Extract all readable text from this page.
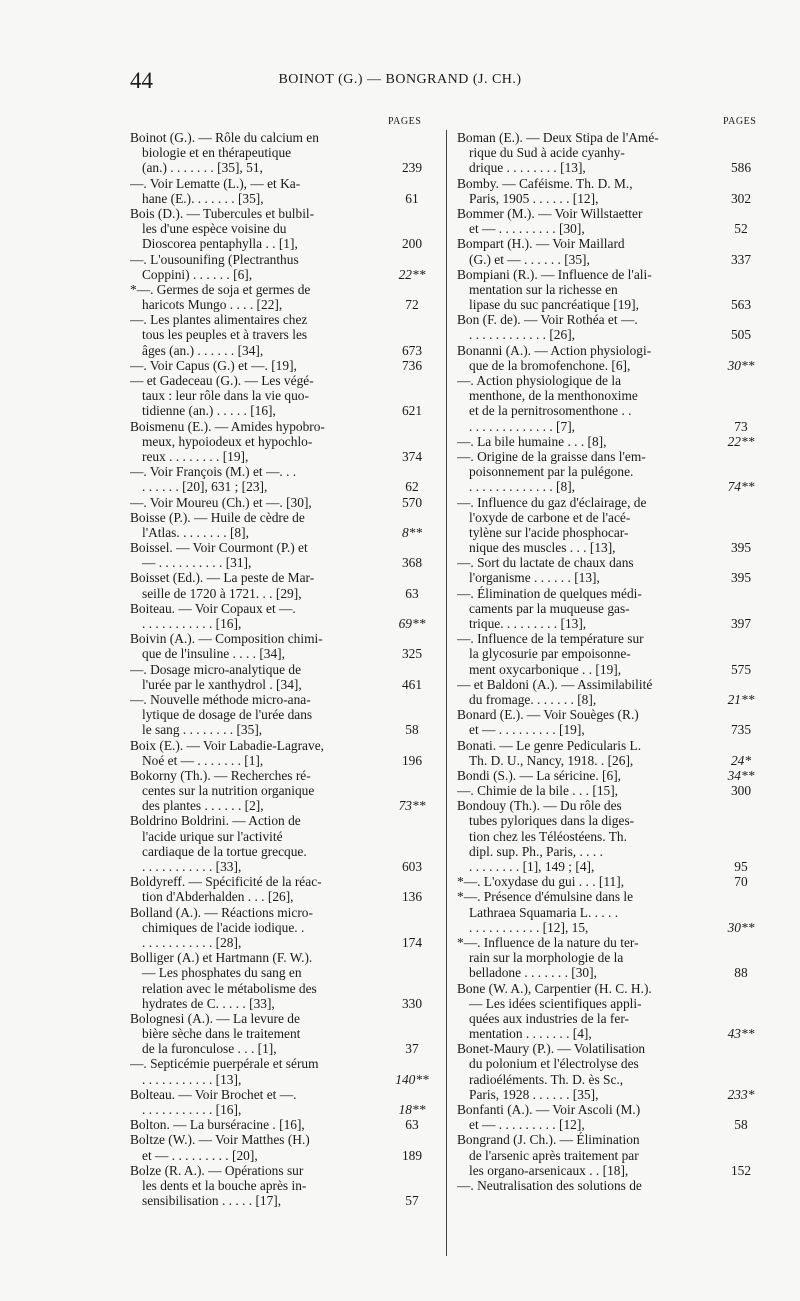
44	BOINOT (G.) — BONGRAND (J. CH.)
PAGES	PAGES
Boinot (G.). — Rôle du calcium en
biologie et en thérapeutique
(an.) . . . . . . . [35], 51,	239
—. Voir Lematte (L.), — et Ka-
hane (E.). . . . . . . [35],	61
Bois (D.). — Tubercules et bulbil-
les d'une espèce voisine du
Dioscorea pentaphylla . . [1],	200
—. L'ousounifing (Plectranthus
Coppini) . . . . . . [6],	22**
*—. Germes de soja et germes de
haricots Mungo . . . . [22],	72
—. Les plantes alimentaires chez
tous les peuples et à travers les
âges (an.) . . . . . . [34],	673
—. Voir Capus (G.) et —. [19],	736
— et Gadeceau (G.). — Les végé-
taux : leur rôle dans la vie quo-
tidienne (an.) . . . . . [16],	621
Boismenu (E.). — Amides hypobro-
meux, hypoiodeux et hypochlo-
reux . . . . . . . . [19],	374
—. Voir François (M.) et —. . .
. . . . . . [20], 631 ; [23],	62
—. Voir Moureu (Ch.) et —. [30],	570
Boisse (P.). — Huile de cèdre de
l'Atlas. . . . . . . . [8],	8**
Boissel. — Voir Courmont (P.) et
— . . . . . . . . . . [31],	368
Boisset (Ed.). — La peste de Mar-
seille de 1720 à 1721. . . [29],	63
Boiteau. — Voir Copaux et —.
. . . . . . . . . . . [16],	69**
Boivin (A.). — Composition chimi-
que de l'insuline . . . . [34],	325
—. Dosage micro-analytique de
l'urée par le xanthydrol . [34],	461
—. Nouvelle méthode micro-ana-
lytique de dosage de l'urée dans
le sang . . . . . . . . [35],	58
Boix (E.). — Voir Labadie-Lagrave,
Noé et — . . . . . . . [1],	196
Bokorny (Th.). — Recherches ré-
centes sur la nutrition organique
des plantes . . . . . . [2],	73**
Boldrino Boldrini. — Action de
l'acide urique sur l'activité
cardiaque de la tortue grecque.
. . . . . . . . . . . [33],	603
Boldyreff. — Spécificité de la réac-
tion d'Abderhalden . . . [26],	136
Bolland (A.). — Réactions micro-
chimiques de l'acide iodique. .
. . . . . . . . . . . [28],	174
Bolliger (A.) et Hartmann (F. W.).
— Les phosphates du sang en
relation avec le métabolisme des
hydrates de C. . . . . [33],	330
Bolognesi (A.). — La levure de
bière sèche dans le traitement
de la furonculose . . . [1],	37
—. Septicémie puerpérale et sérum
. . . . . . . . . . . [13],	140**
Bolteau. — Voir Brochet et —.
. . . . . . . . . . . [16],	18**
Bolton. — La burséracine . [16],	63
Boltze (W.). — Voir Matthes (H.)
et — . . . . . . . . . [20],	189
Bolze (R. A.). — Opérations sur
les dents et la bouche après in-
sensibilisation . . . . . [17],	57
Boman (E.). — Deux Stipa de l'Amé-
rique du Sud à acide cyanhy-
drique . . . . . . . . [13],	586
Bomby. — Caféisme. Th. D. M.,
Paris, 1905 . . . . . . [12],	302
Bommer (M.). — Voir Willstaetter
et — . . . . . . . . . [30],	52
Bompart (H.). — Voir Maillard
(G.) et — . . . . . . [35],	337
Bompiani (R.). — Influence de l'ali-
mentation sur la richesse en
lipase du suc pancréatique [19],	563
Bon (F. de). — Voir Rothéa et —.
. . . . . . . . . . . . [26],	505
Bonanni (A.). — Action physiologi-
que de la bromofenchone. [6],	30**
—. Action physiologique de la
menthone, de la menthonoxime
et de la pernitrosomenthone . .
. . . . . . . . . . . . . [7],	73
—. La bile humaine . . . [8],	22**
—. Origine de la graisse dans l'em-
poisonnement par la pulégone.
. . . . . . . . . . . . . [8],	74**
—. Influence du gaz d'éclairage, de
l'oxyde de carbone et de l'acé-
tylène sur l'acide phosphocar-
nique des muscles . . . [13],	395
—. Sort du lactate de chaux dans
l'organisme . . . . . . [13],	395
—. Élimination de quelques médi-
caments par la muqueuse gas-
trique. . . . . . . . . [13],	397
—. Influence de la température sur
la glycosurie par empoisonne-
ment oxycarbonique . . [19],	575
— et Baldoni (A.). — Assimilabilité
du fromage. . . . . . . [8],	21**
Bonard (E.). — Voir Souèges (R.)
et — . . . . . . . . . [19],	735
Bonati. — Le genre Pedicularis L.
Th. D. U., Nancy, 1918. . [26],	24*
Bondi (S.). — La séricine. [6],	34**
—. Chimie de la bile . . . [15],	300
Bondouy (Th.). — Du rôle des
tubes pyloriques dans la diges-
tion chez les Téléostéens. Th.
dipl. sup. Ph., Paris, . . . .
. . . . . . . . [1], 149 ; [4],	95
*—. L'oxydase du gui . . . [11],	70
*—. Présence d'émulsine dans le
Lathraea Squamaria L. . . . .
. . . . . . . . . . . [12], 15,	30**
*—. Influence de la nature du ter-
rain sur la morphologie de la
belladone . . . . . . . [30],	88
Bone (W. A.), Carpentier (H. C. H.).
— Les idées scientifiques appli-
quées aux industries de la fer-
mentation . . . . . . . [4],	43**
Bonet-Maury (P.). — Volatilisation
du polonium et l'électrolyse des
radioéléments. Th. D. ès Sc.,
Paris, 1928 . . . . . . [35],	233*
Bonfanti (A.). — Voir Ascoli (M.)
et — . . . . . . . . . [12],	58
Bongrand (J. Ch.). — Élimination
de l'arsenic après traitement par
les organo-arsenicaux . . [18],	152
—. Neutralisation des solutions de
